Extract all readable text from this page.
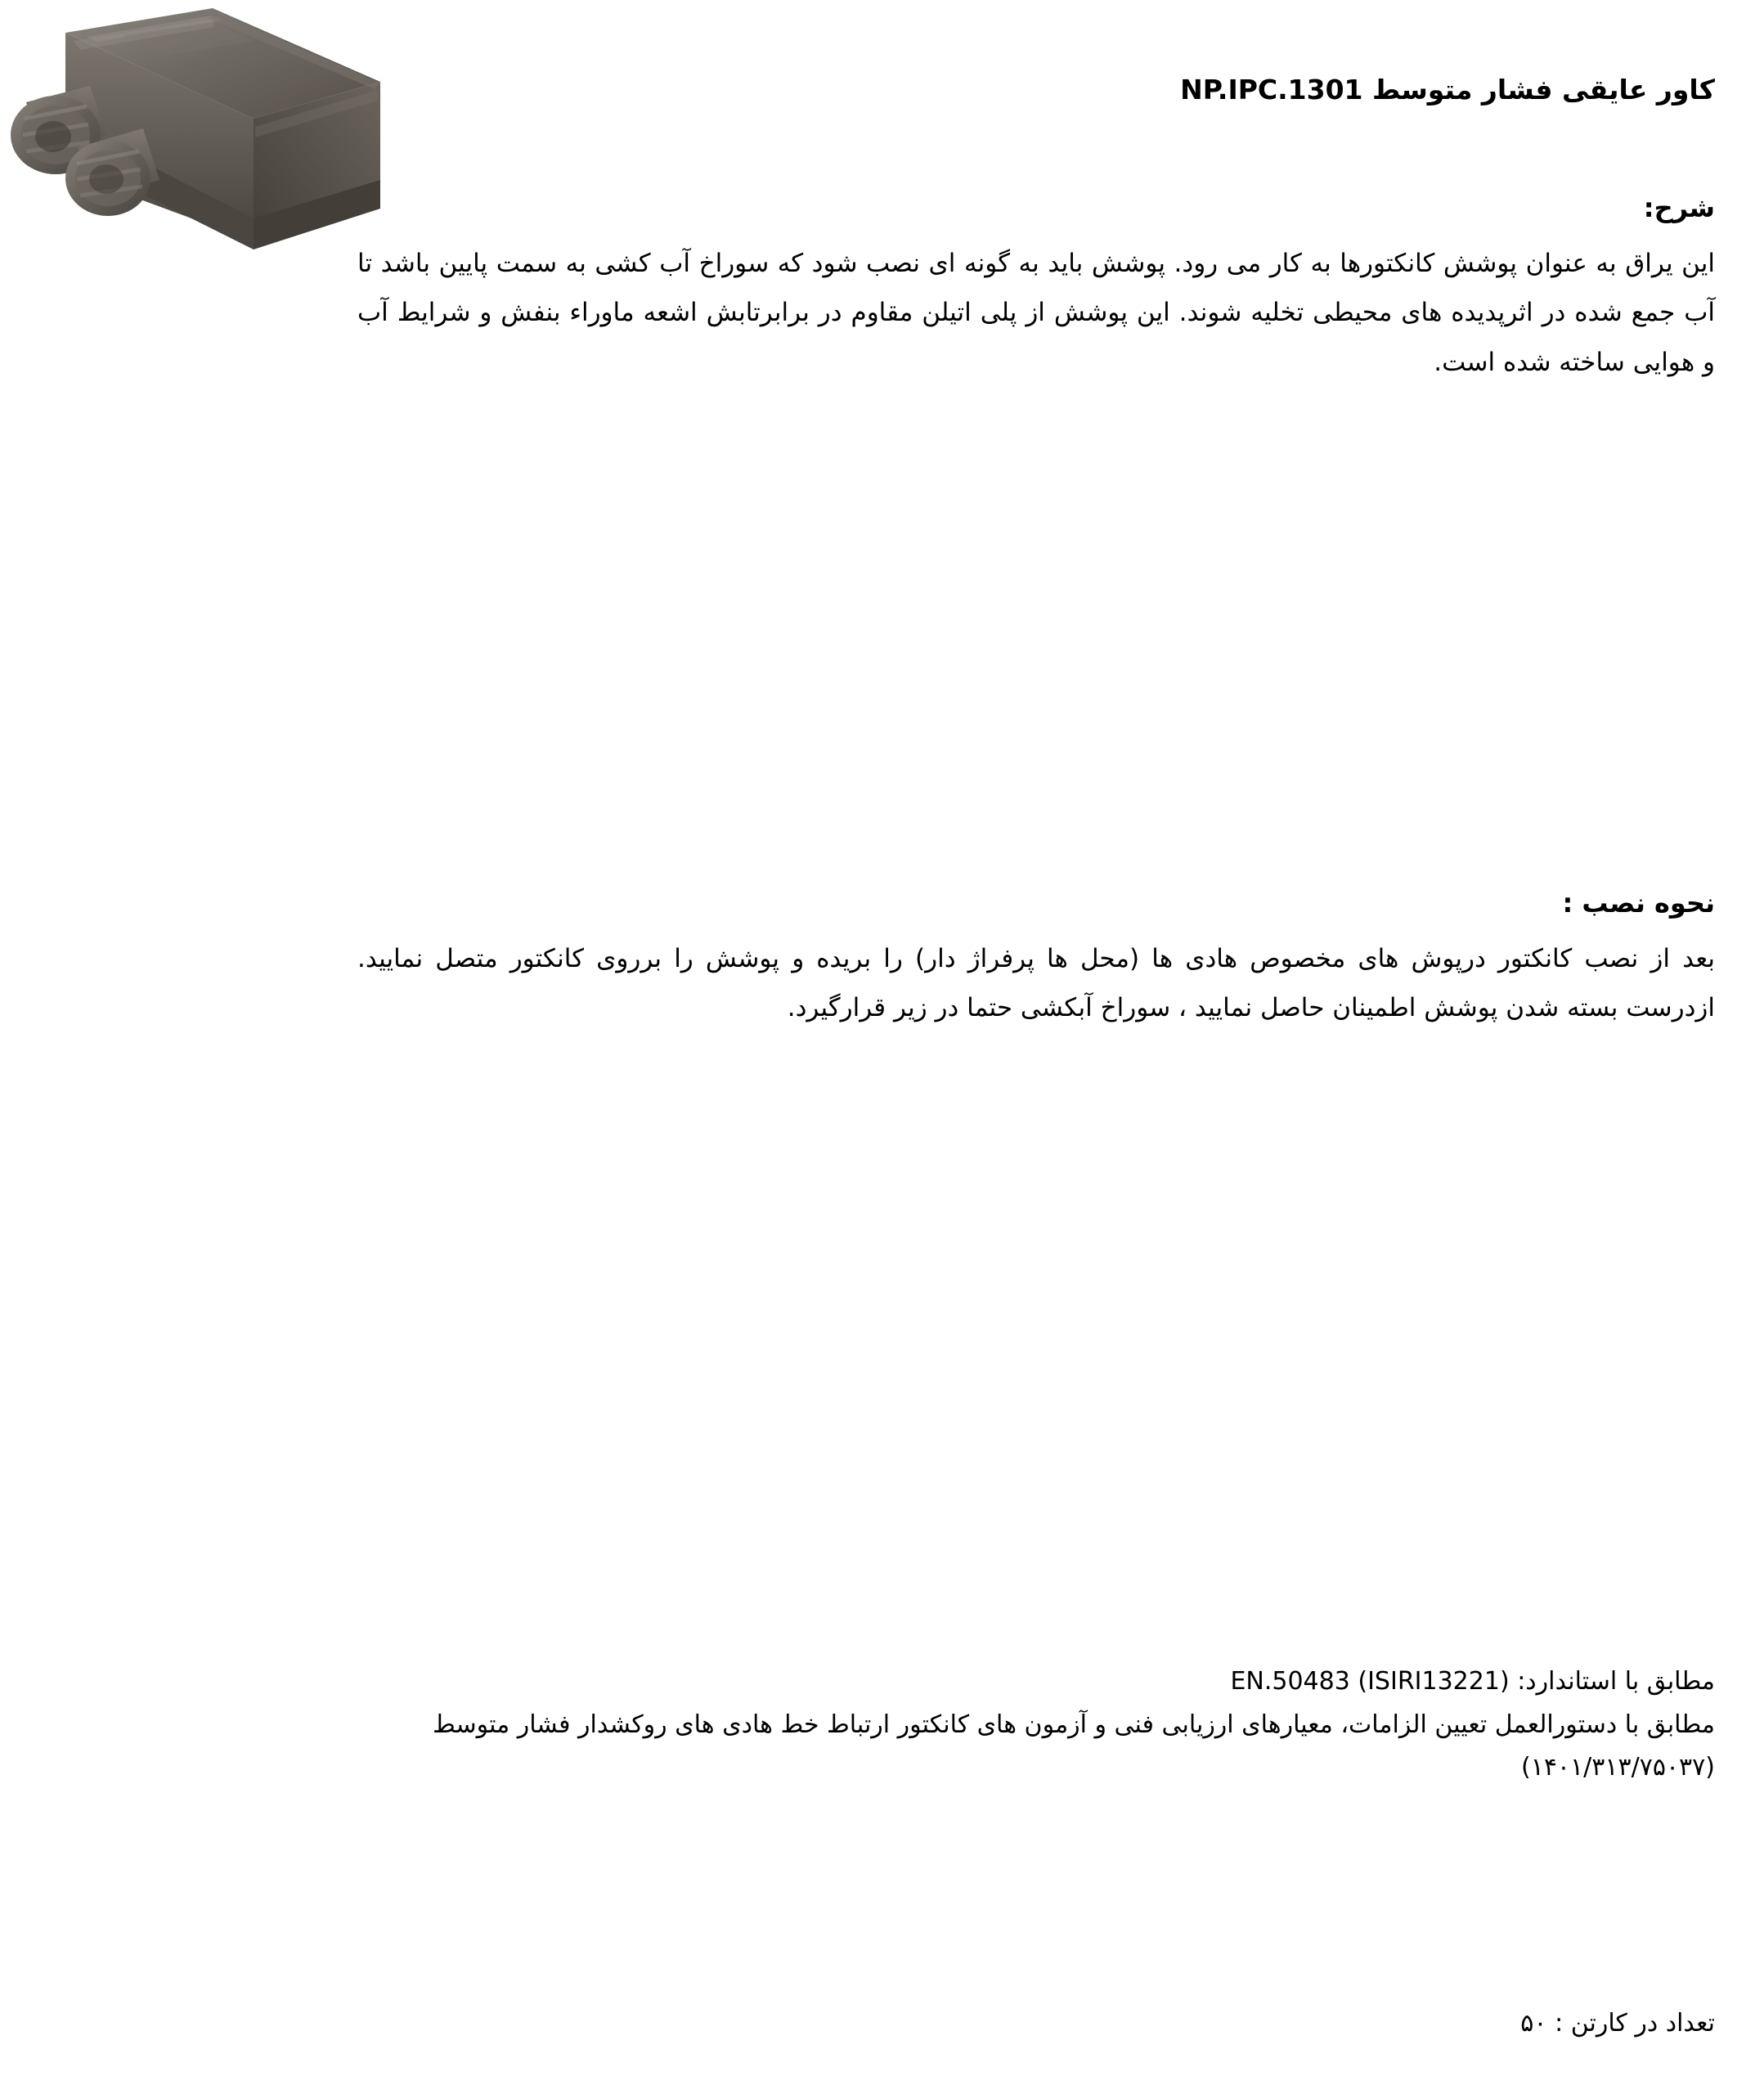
کاور عایقی فشار متوسط NP.IPC.1301
شرح:
این یراق به عنوان پوشش کانکتورها به کار می رود. پوشش باید به گونه ای نصب شود که سوراخ آب کشی به سمت پایین باشد تا آب جمع شده در اثرپدیده های محیطی تخلیه شوند. این پوشش از پلی اتیلن مقاوم در برابرتابش اشعه ماوراء بنفش و شرایط آب و هوایی ساخته شده است.
نحوه نصب :
بعد از نصب کانکتور درپوش های مخصوص هادی ها (محل ها پرفراژ دار) را بریده و پوشش را برروی کانکتور متصل نمایید. ازدرست بسته شدن پوشش اطمینان حاصل نمایید ، سوراخ آبکشی حتما در زیر قرارگیرد.
مطابق با استاندارد: (ISIRI13221) EN.50483
مطابق با دستورالعمل تعیین الزامات، معیارهای ارزیابی فنی و آزمون های کانکتور ارتباط خط هادی های روکشدار فشار متوسط
(۱۴۰۱/۳۱۳/۷۵۰۳۷)
تعداد در کارتن : ۵۰
